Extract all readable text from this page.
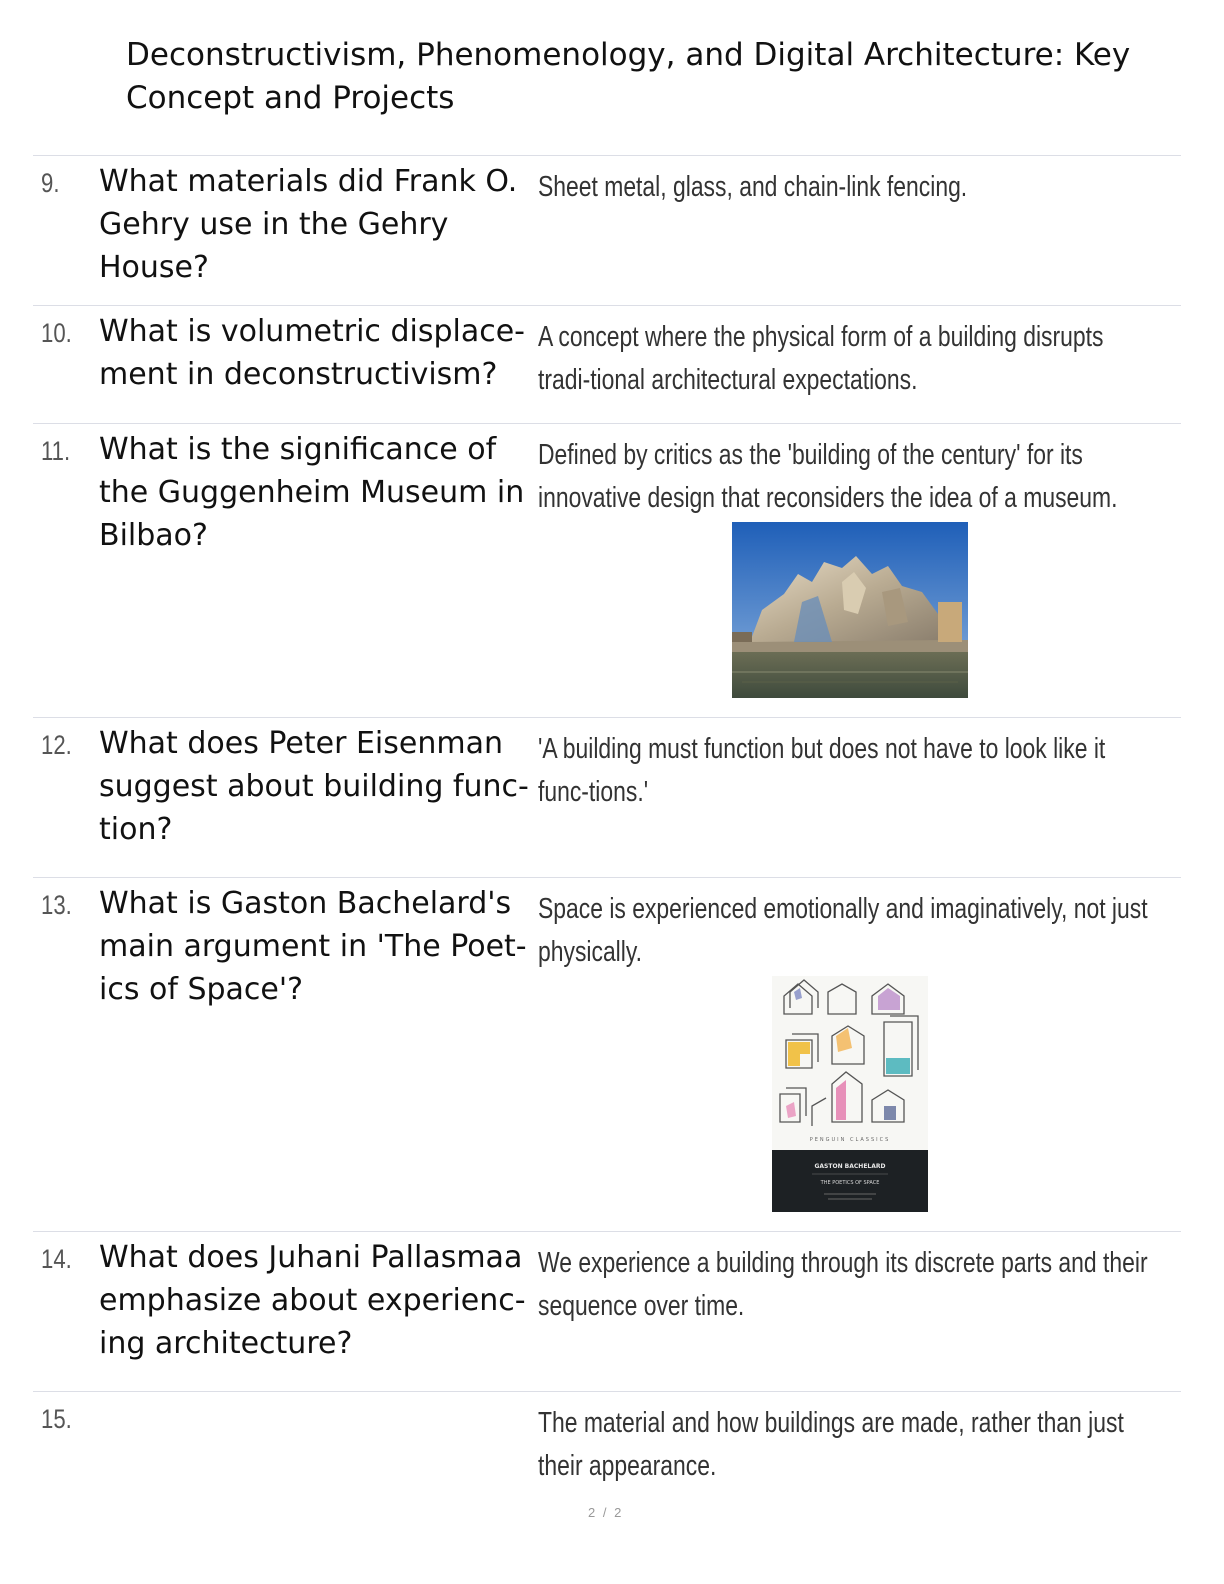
Deconstructivism, Phenomenology, and Digital Architecture: Key Concept and Projects
9. What materials did Frank O. Gehry use in the Gehry House?
Sheet metal, glass, and chain-link fencing.
10. What is volumetric displace-ment in deconstructivism?
A concept where the physical form of a building disrupts tradi-tional architectural expectations.
11. What is the significance of the Guggenheim Museum in Bilbao?
Defined by critics as the 'building of the century' for its innovative design that reconsiders the idea of a museum.
12. What does Peter Eisenman suggest about building func-tion?
'A building must function but does not have to look like it func-tions.'
13. What is Gaston Bachelard's main argument in 'The Poet-ics of Space'?
Space is experienced emotionally and imaginatively, not just physically.
PENGUIN CLASSICS
GASTON BACHELARD
THE POETICS OF SPACE
14. What does Juhani Pallasmaa emphasize about experienc-ing architecture?
We experience a building through its discrete parts and their sequence over time.
15.	The material and how buildings are made, rather than just their appearance.
2 / 2
